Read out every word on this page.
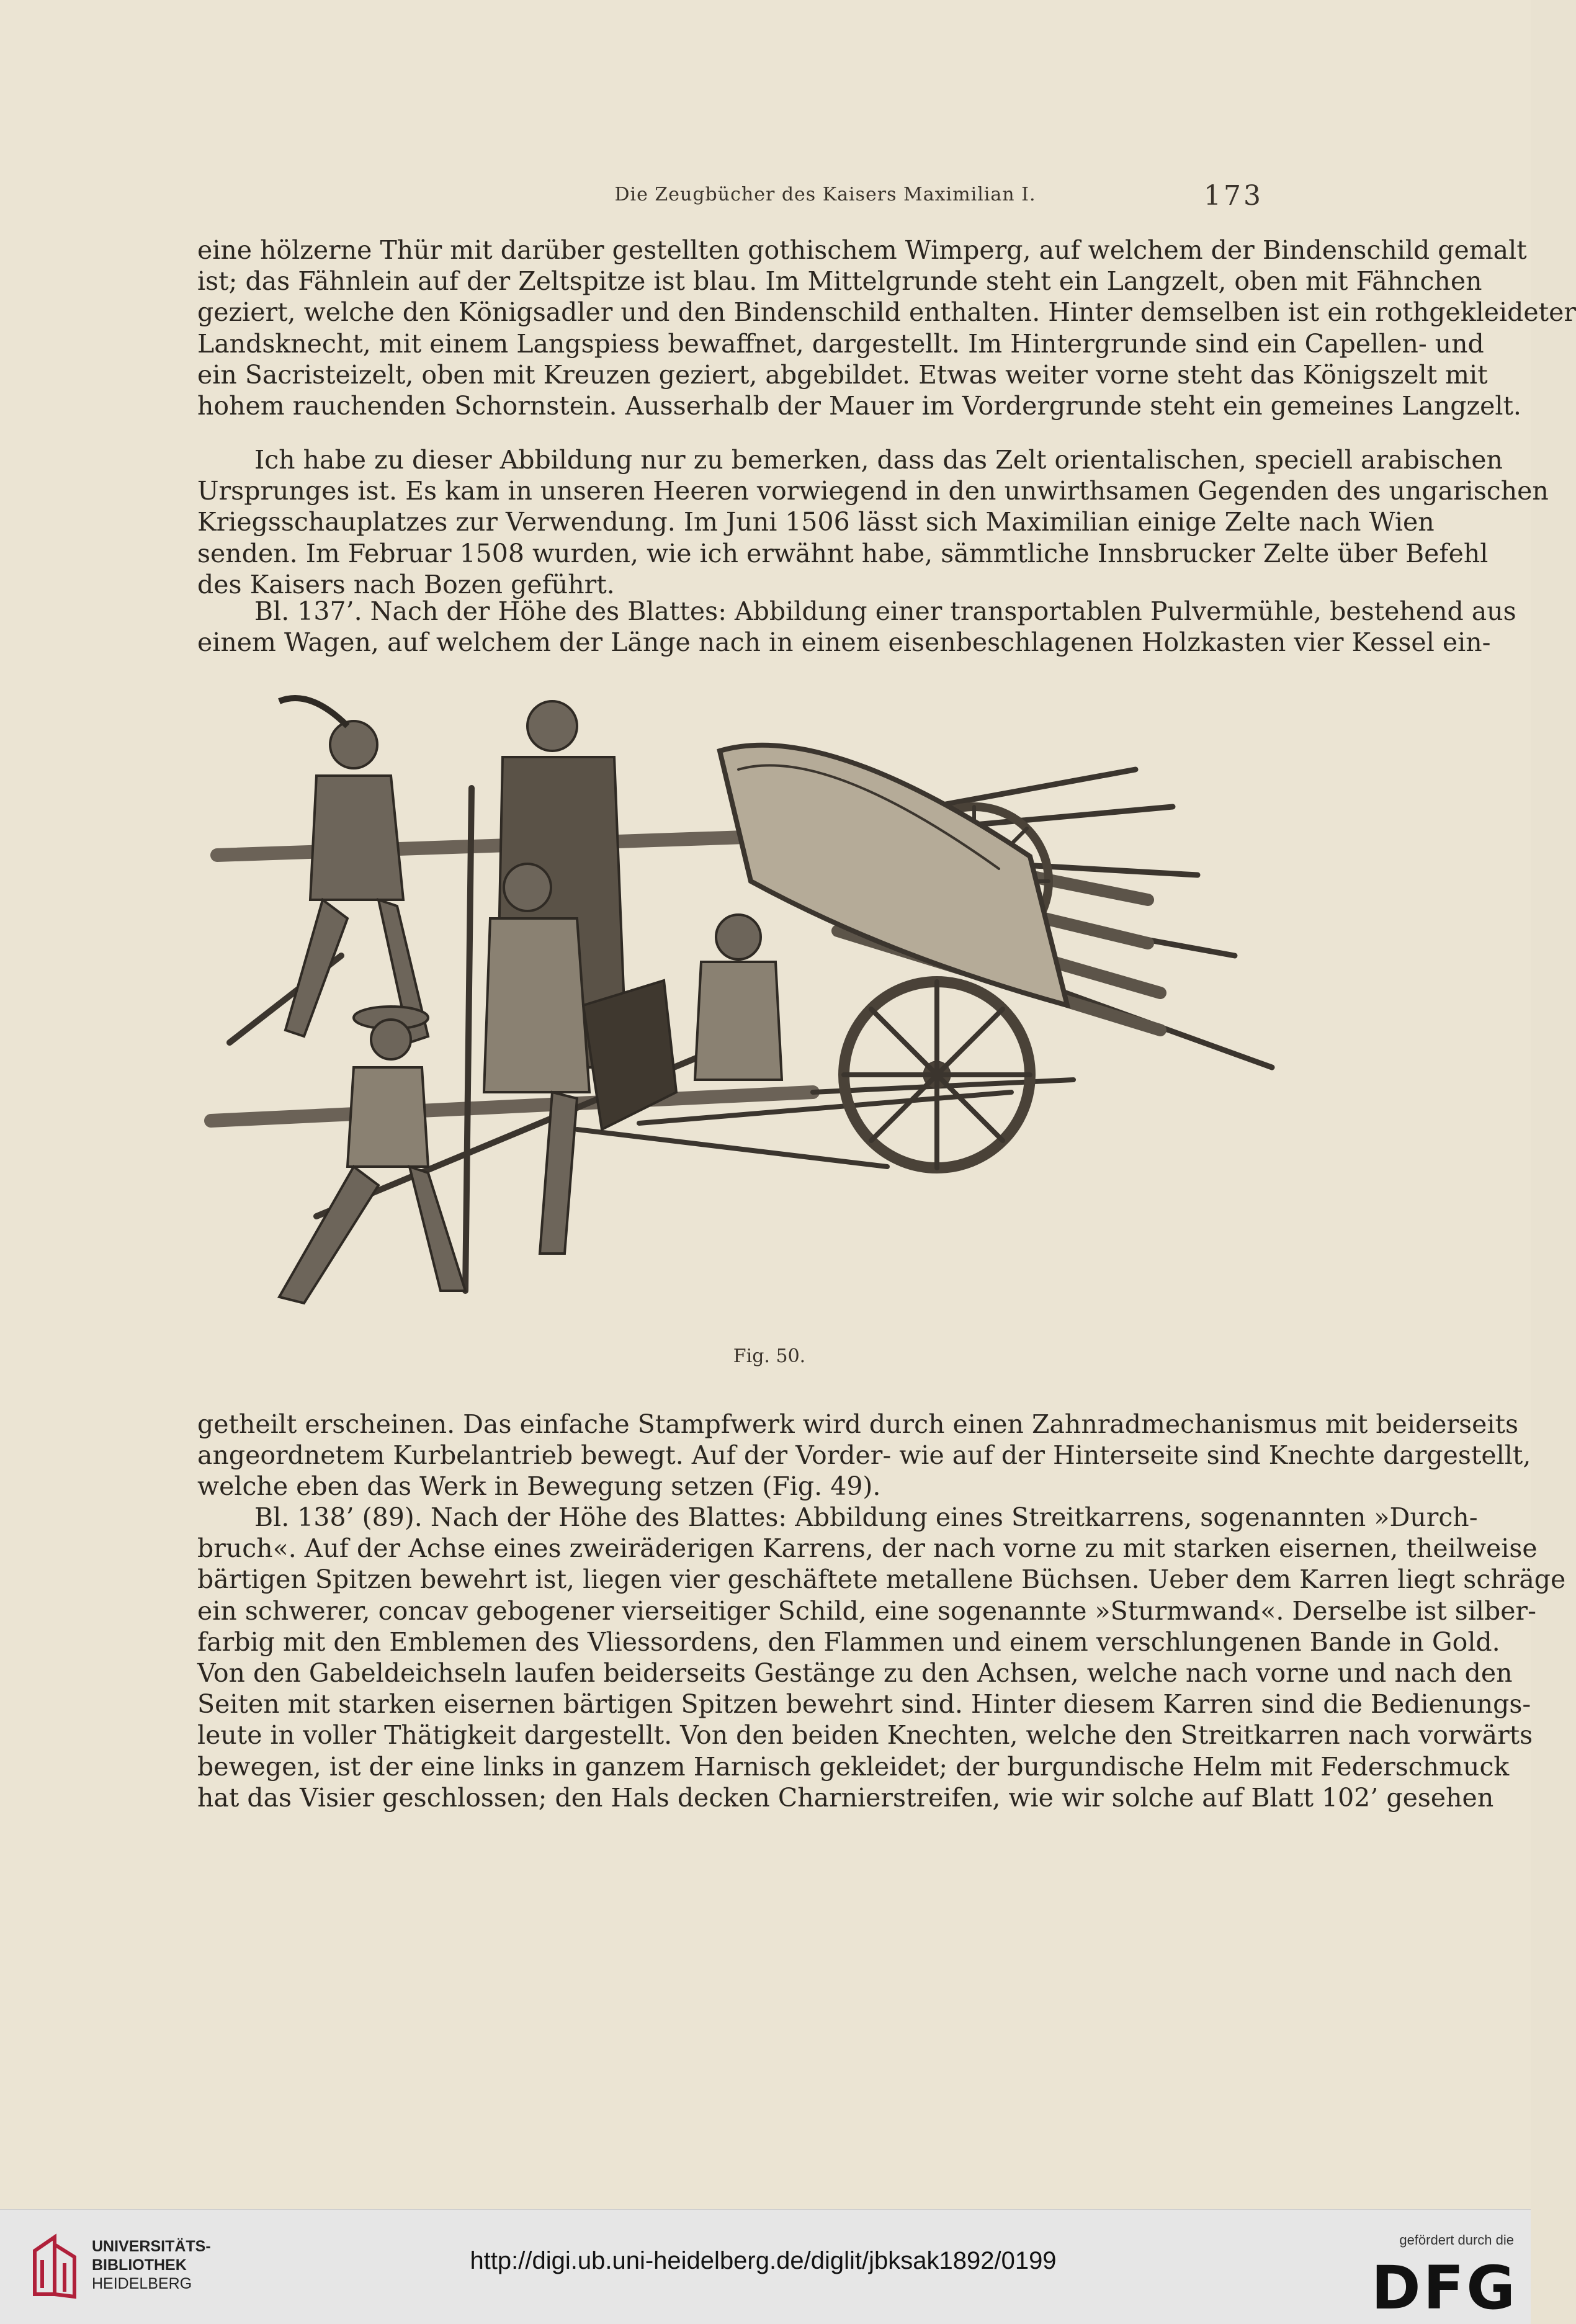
Die Zeugbücher des Kaisers Maximilian I.	173
eine hölzerne Thür mit darüber gestellten gothischem Wimperg, auf welchem der Bindenschild gemalt
ist; das Fähnlein auf der Zeltspitze ist blau. Im Mittelgrunde steht ein Langzelt, oben mit Fähnchen
geziert, welche den Königsadler und den Bindenschild enthalten. Hinter demselben ist ein rothgekleideter
Landsknecht, mit einem Langspiess bewaffnet, dargestellt. Im Hintergrunde sind ein Capellen- und
ein Sacristeizelt, oben mit Kreuzen geziert, abgebildet. Etwas weiter vorne steht das Königszelt mit
hohem rauchenden Schornstein. Ausserhalb der Mauer im Vordergrunde steht ein gemeines Langzelt.
Ich habe zu dieser Abbildung nur zu bemerken, dass das Zelt orientalischen, speciell arabischen
Ursprunges ist. Es kam in unseren Heeren vorwiegend in den unwirthsamen Gegenden des ungarischen
Kriegsschauplatzes zur Verwendung. Im Juni 1506 lässt sich Maximilian einige Zelte nach Wien
senden. Im Februar 1508 wurden, wie ich erwähnt habe, sämmtliche Innsbrucker Zelte über Befehl
des Kaisers nach Bozen geführt.
Bl. 137’. Nach der Höhe des Blattes: Abbildung einer transportablen Pulvermühle, bestehend aus
einem Wagen, auf welchem der Länge nach in einem eisenbeschlagenen Holzkasten vier Kessel ein-
Fig. 50.
getheilt erscheinen. Das einfache Stampfwerk wird durch einen Zahnradmechanismus mit beiderseits
angeordnetem Kurbelantrieb bewegt. Auf der Vorder- wie auf der Hinterseite sind Knechte dargestellt,
welche eben das Werk in Bewegung setzen (Fig. 49).
Bl. 138’ (89). Nach der Höhe des Blattes: Abbildung eines Streitkarrens, sogenannten »Durch-
bruch«. Auf der Achse eines zweiräderigen Karrens, der nach vorne zu mit starken eisernen, theilweise
bärtigen Spitzen bewehrt ist, liegen vier geschäftete metallene Büchsen. Ueber dem Karren liegt schräge
ein schwerer, concav gebogener vierseitiger Schild, eine sogenannte »Sturmwand«. Derselbe ist silber-
farbig mit den Emblemen des Vliessordens, den Flammen und einem verschlungenen Bande in Gold.
Von den Gabeldeichseln laufen beiderseits Gestänge zu den Achsen, welche nach vorne und nach den
Seiten mit starken eisernen bärtigen Spitzen bewehrt sind. Hinter diesem Karren sind die Bedienungs-
leute in voller Thätigkeit dargestellt. Von den beiden Knechten, welche den Streitkarren nach vorwärts
bewegen, ist der eine links in ganzem Harnisch gekleidet; der burgundische Helm mit Federschmuck
hat das Visier geschlossen; den Hals decken Charnierstreifen, wie wir solche auf Blatt 102’ gesehen
UNIVERSITÄTS-
BIBLIOTHEK
HEIDELBERG
http://digi.ub.uni-heidelberg.de/diglit/jbksak1892/0199
gefördert durch die
DFG
